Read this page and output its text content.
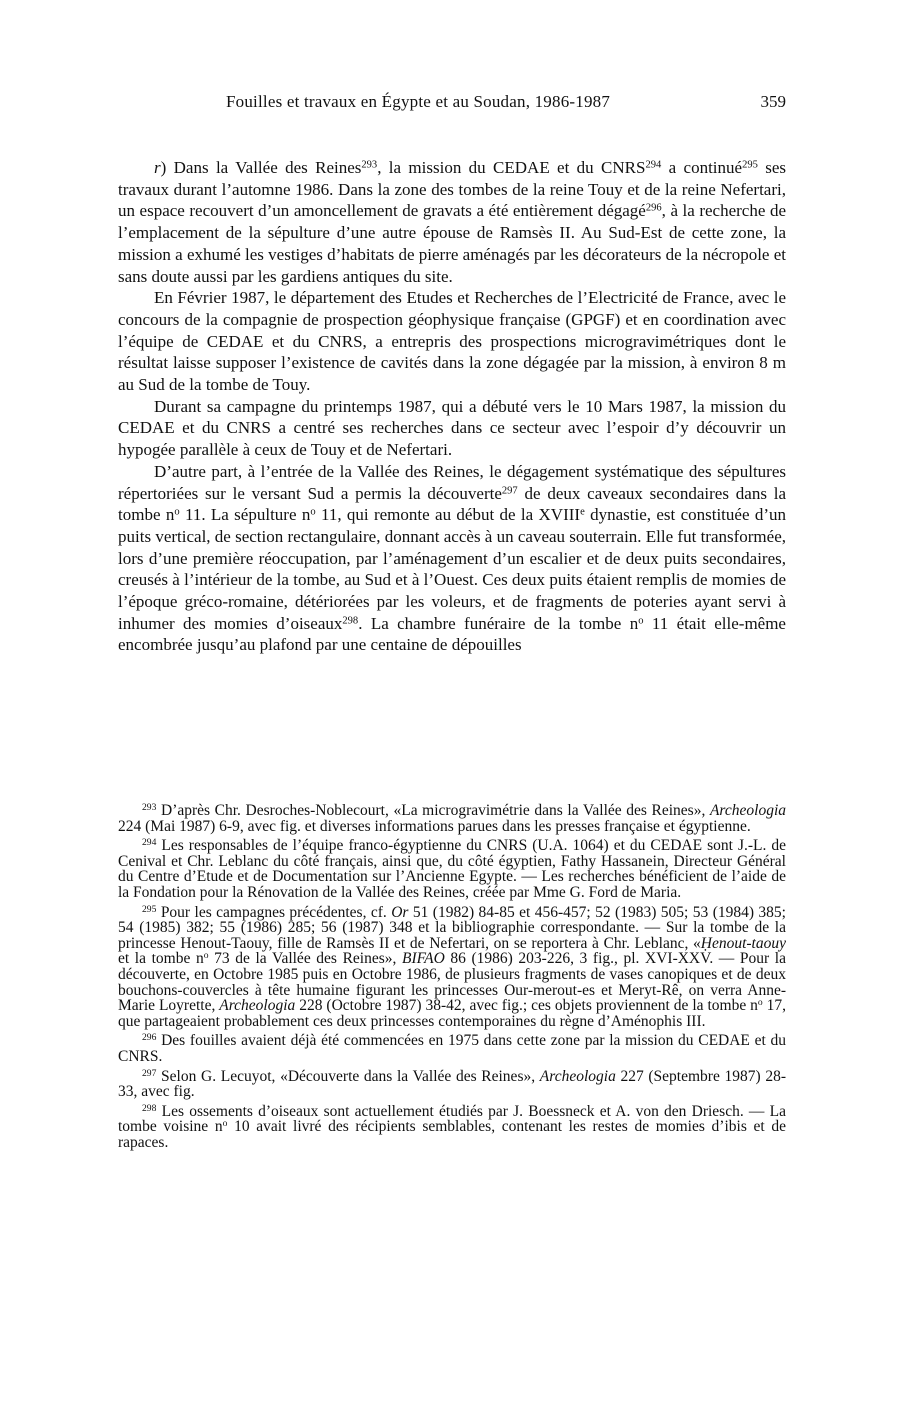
Fouilles et travaux en Égypte et au Soudan, 1986-1987	359

r) Dans la Vallée des Reines$^{293}$, la mission du CEDAE et du CNRS$^{294}$ a continué$^{295}$ ses travaux durant l’automne 1986. Dans la zone des tombes de la reine Touy et de la reine Nefertari, un espace recouvert d’un amoncellement de gravats a été entièrement dégagé$^{296}$, à la recherche de l’emplacement de la sépulture d’une autre épouse de Ramsès II. Au Sud-Est de cette zone, la mission a exhumé les vestiges d’habitats de pierre aménagés par les décorateurs de la nécropole et sans doute aussi par les gardiens antiques du site.

En Février 1987, le département des Etudes et Recherches de l’Electricité de France, avec le concours de la compagnie de prospection géophysique française (GPGF) et en coordination avec l’équipe de CEDAE et du CNRS, a entrepris des prospections microgravimétriques dont le résultat laisse supposer l’existence de cavités dans la zone dégagée par la mission, à environ 8 m au Sud de la tombe de Touy.

Durant sa campagne du printemps 1987, qui a débuté vers le 10 Mars 1987, la mission du CEDAE et du CNRS a centré ses recherches dans ce secteur avec l’espoir d’y découvrir un hypogée parallèle à ceux de Touy et de Nefertari.

D’autre part, à l’entrée de la Vallée des Reines, le dégagement systématique des sépultures répertoriées sur le versant Sud a permis la découverte$^{297}$ de deux caveaux secondaires dans la tombe $n^o$ 11. La sépulture $n^o$ 11, qui remonte au début de la XVIIIe dynastie, est constituée d’un puits vertical, de section rectangulaire, donnant accès à un caveau souterrain. Elle fut transformée, lors d’une première réoccupation, par l’aménagement d’un escalier et de deux puits secondaires, creusés à l’intérieur de la tombe, au Sud et à l’Ouest. Ces deux puits étaient remplis de momies de l’époque gréco-romaine, détériorées par les voleurs, et de fragments de poteries ayant servi à inhumer des momies d’oiseaux$^{298}$. La chambre funéraire de la tombe $n^o$ 11 était elle-même encombrée jusqu’au plafond par une centaine de dépouilles

$^{293}$ D’après Chr. Desroches-Noblecourt, «La microgravimétrie dans la Vallée des Reines», Archeologia 224 (Mai 1987) 6-9, avec fig. et diverses informations parues dans les presses française et égyptienne.

$^{294}$ Les responsables de l’équipe franco-égyptienne du CNRS (U.A. 1064) et du CEDAE sont J.-L. de Cenival et Chr. Leblanc du côté français, ainsi que, du côté égyptien, Fathy Hassanein, Directeur Général du Centre d’Etude et de Documentation sur l’Ancienne Egypte. — Les recherches bénéficient de l’aide de la Fondation pour la Rénovation de la Vallée des Reines, créée par Mme G. Ford de Maria.

$^{295}$ Pour les campagnes précédentes, cf. Or 51 (1982) 84-85 et 456-457; 52 (1983) 505; 53 (1984) 385; 54 (1985) 382; 55 (1986) 285; 56 (1987) 348 et la bibliographie correspondante. — Sur la tombe de la princesse Henout-Taouy, fille de Ramsès II et de Nefertari, on se reportera à Chr. Leblanc, «Ḥenout-taouy et la tombe $n^o$ 73 de la Vallée des Reines», BIFAO 86 (1986) 203-226, 3 fig., pl. XVI-XXV. — Pour la découverte, en Octobre 1985 puis en Octobre 1986, de plusieurs fragments de vases canopiques et de deux bouchons-couvercles à tête humaine figurant les princesses Our-merout-es et Meryt-Rê, on verra Anne-Marie Loyrette, Archeologia 228 (Octobre 1987) 38-42, avec fig.; ces objets proviennent de la tombe $n^o$ 17, que partageaient probablement ces deux princesses contemporaines du règne d’Aménophis III.

$^{296}$ Des fouilles avaient déjà été commencées en 1975 dans cette zone par la mission du CEDAE et du CNRS.

$^{297}$ Selon G. Lecuyot, «Découverte dans la Vallée des Reines», Archeologia 227 (Septembre 1987) 28-33, avec fig.

$^{298}$ Les ossements d’oiseaux sont actuellement étudiés par J. Boessneck et A. von den Driesch. — La tombe voisine $n^o$ 10 avait livré des récipients semblables, contenant les restes de momies d’ibis et de rapaces.
